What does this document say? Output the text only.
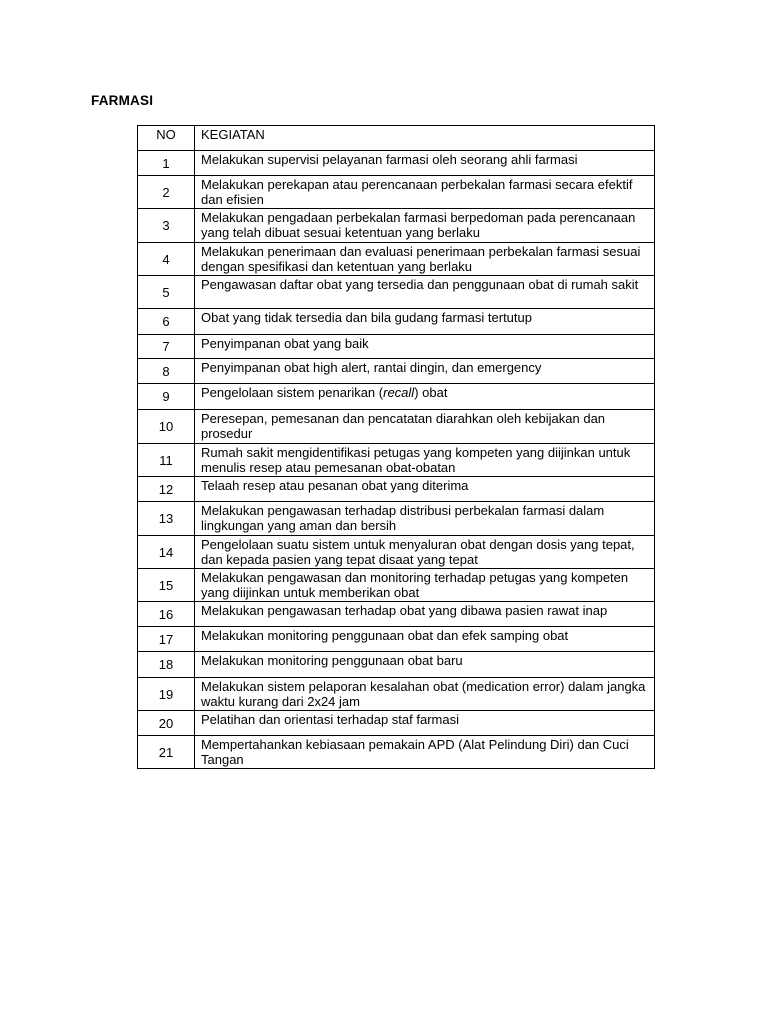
FARMASI
NO	KEGIATAN
1	Melakukan supervisi pelayanan farmasi oleh seorang ahli farmasi
2	Melakukan perekapan atau perencanaan perbekalan farmasi secara efektif dan efisien
3	Melakukan pengadaan perbekalan farmasi berpedoman pada perencanaan yang telah dibuat sesuai ketentuan yang berlaku
4	Melakukan penerimaan dan evaluasi penerimaan perbekalan farmasi sesuai dengan spesifikasi dan ketentuan yang berlaku
5	Pengawasan daftar obat yang tersedia dan penggunaan obat di rumah sakit
6	Obat yang tidak tersedia dan bila gudang farmasi tertutup
7	Penyimpanan obat yang baik
8	Penyimpanan obat high alert, rantai dingin, dan emergency
9	Pengelolaan sistem penarikan (recall) obat
10	Peresepan, pemesanan dan pencatatan diarahkan oleh kebijakan dan prosedur
11	Rumah sakit mengidentifikasi petugas yang kompeten yang diijinkan untuk menulis resep atau pemesanan obat-obatan
12	Telaah resep atau pesanan obat yang diterima
13	Melakukan pengawasan terhadap distribusi perbekalan farmasi dalam lingkungan yang aman dan bersih
14	Pengelolaan suatu sistem untuk menyaluran obat dengan dosis yang tepat, dan kepada pasien yang tepat disaat yang tepat
15	Melakukan pengawasan dan monitoring terhadap petugas yang kompeten yang diijinkan untuk memberikan obat
16	Melakukan pengawasan terhadap obat yang dibawa pasien rawat inap
17	Melakukan monitoring penggunaan obat dan efek samping obat
18	Melakukan monitoring penggunaan obat baru
19	Melakukan sistem pelaporan kesalahan obat (medication error) dalam jangka waktu kurang dari 2x24 jam
20	Pelatihan dan orientasi terhadap staf farmasi
21	Mempertahankan kebiasaan pemakain APD (Alat Pelindung Diri) dan Cuci Tangan
